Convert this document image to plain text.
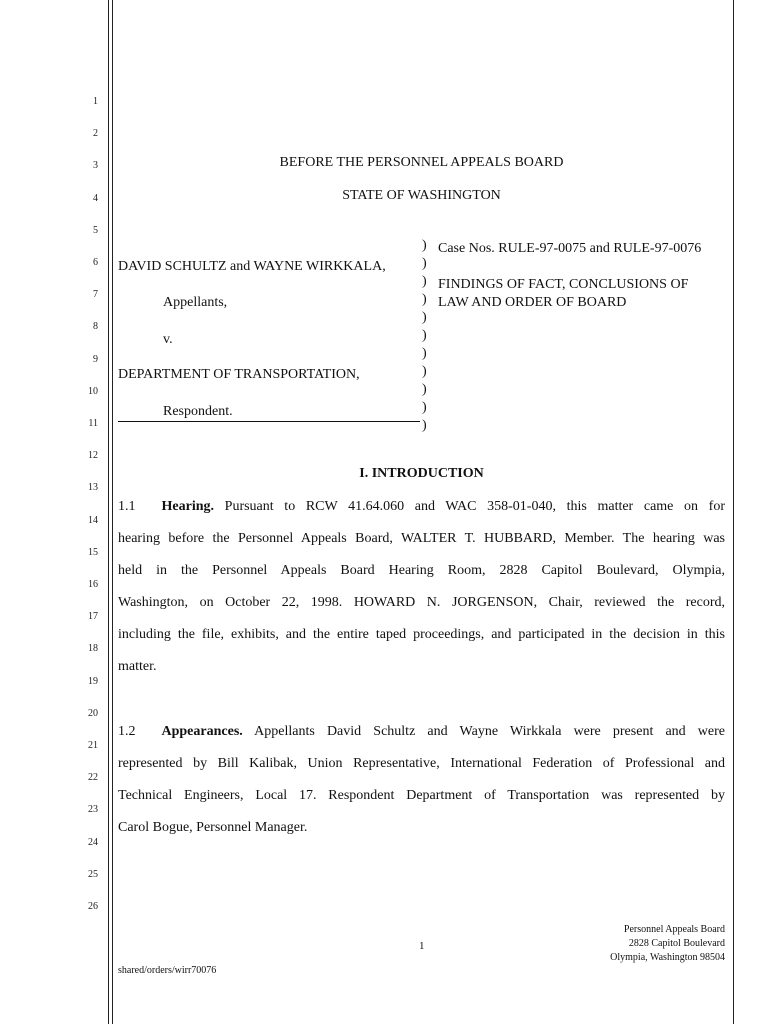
1
2
3
4
5
6
7
8
9
10
11
12
13
14
15
16
17
18
19
20
21
22
23
24
25
26
BEFORE THE PERSONNEL APPEALS BOARD
STATE OF WASHINGTON
DAVID SCHULTZ and WAYNE WIRKKALA,
Appellants,
v.
DEPARTMENT OF TRANSPORTATION,
Respondent.
)
)
)
)
)
)
)
)
)
)
)
Case Nos. RULE-97-0075 and RULE-97-0076
FINDINGS OF FACT, CONCLUSIONS OF
LAW AND ORDER OF BOARD
I. INTRODUCTION
1.1 Hearing. Pursuant to RCW 41.64.060 and WAC 358-01-040, this matter came on for
hearing before the Personnel Appeals Board, WALTER T. HUBBARD, Member. The hearing was
held in the Personnel Appeals Board Hearing Room, 2828 Capitol Boulevard, Olympia,
Washington, on October 22, 1998. HOWARD N. JORGENSON, Chair, reviewed the record,
including the file, exhibits, and the entire taped proceedings, and participated in the decision in this
matter.
1.2 Appearances. Appellants David Schultz and Wayne Wirkkala were present and were
represented by Bill Kalibak, Union Representative, International Federation of Professional and
Technical Engineers, Local 17. Respondent Department of Transportation was represented by
Carol Bogue, Personnel Manager.
1
Personnel Appeals Board
2828 Capitol Boulevard
Olympia, Washington 98504
shared/orders/wirr70076
